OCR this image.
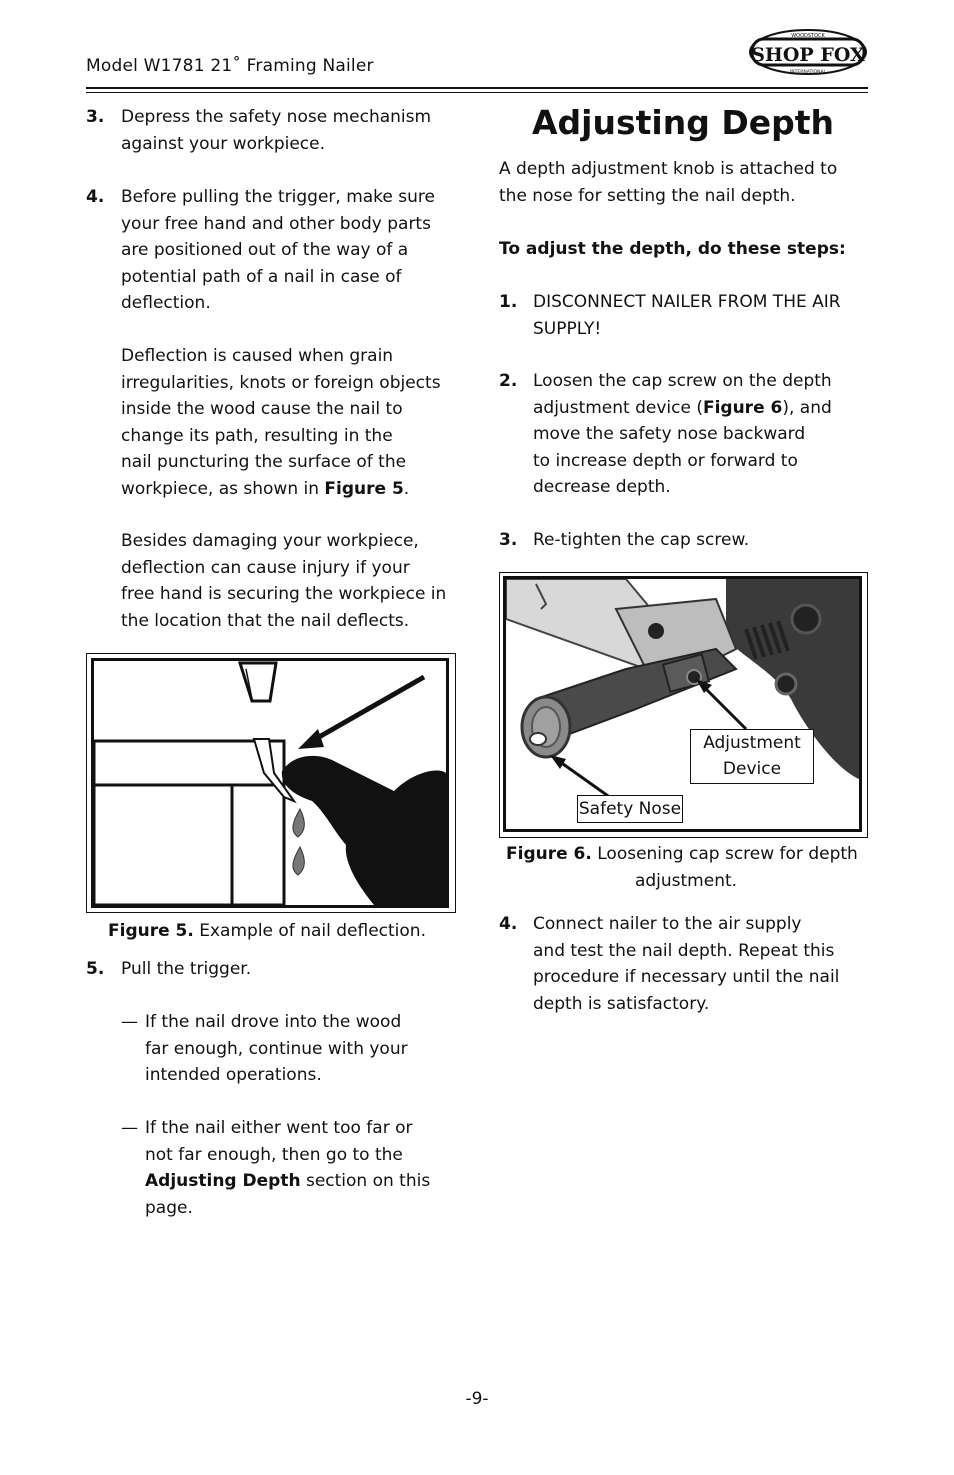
Model W1781 21˚ Framing Nailer	SHOP FOX
WOODSTOCK
INTERNATIONAL
3. Depress the safety nose mechanism
against your workpiece.
4. Before pulling the trigger, make sure
your free hand and other body parts
are positioned out of the way of a
potential path of a nail in case of
deflection.
Deflection is caused when grain
irregularities, knots or foreign objects
inside the wood cause the nail to
change its path, resulting in the
nail puncturing the surface of the
workpiece, as shown in Figure 5.
Besides damaging your workpiece,
deflection can cause injury if your
free hand is securing the workpiece in
the location that the nail deflects.
Figure 5. Example of nail deflection.
5. Pull the trigger.
— If the nail drove into the wood
far enough, continue with your
intended operations.
— If the nail either went too far or
not far enough, then go to the
Adjusting Depth section on this
page.
Adjusting Depth
A depth adjustment knob is attached to
the nose for setting the nail depth.
To adjust the depth, do these steps:
1. DISCONNECT NAILER FROM THE AIR
SUPPLY!
2. Loosen the cap screw on the depth
adjustment device (Figure 6), and
move the safety nose backward
to increase depth or forward to
decrease depth.
3. Re-tighten the cap screw.
Adjustment
Device
Safety Nose
Figure 6. Loosening cap screw for depth
adjustment.
4. Connect nailer to the air supply
and test the nail depth. Repeat this
procedure if necessary until the nail
depth is satisfactory.
-9-
